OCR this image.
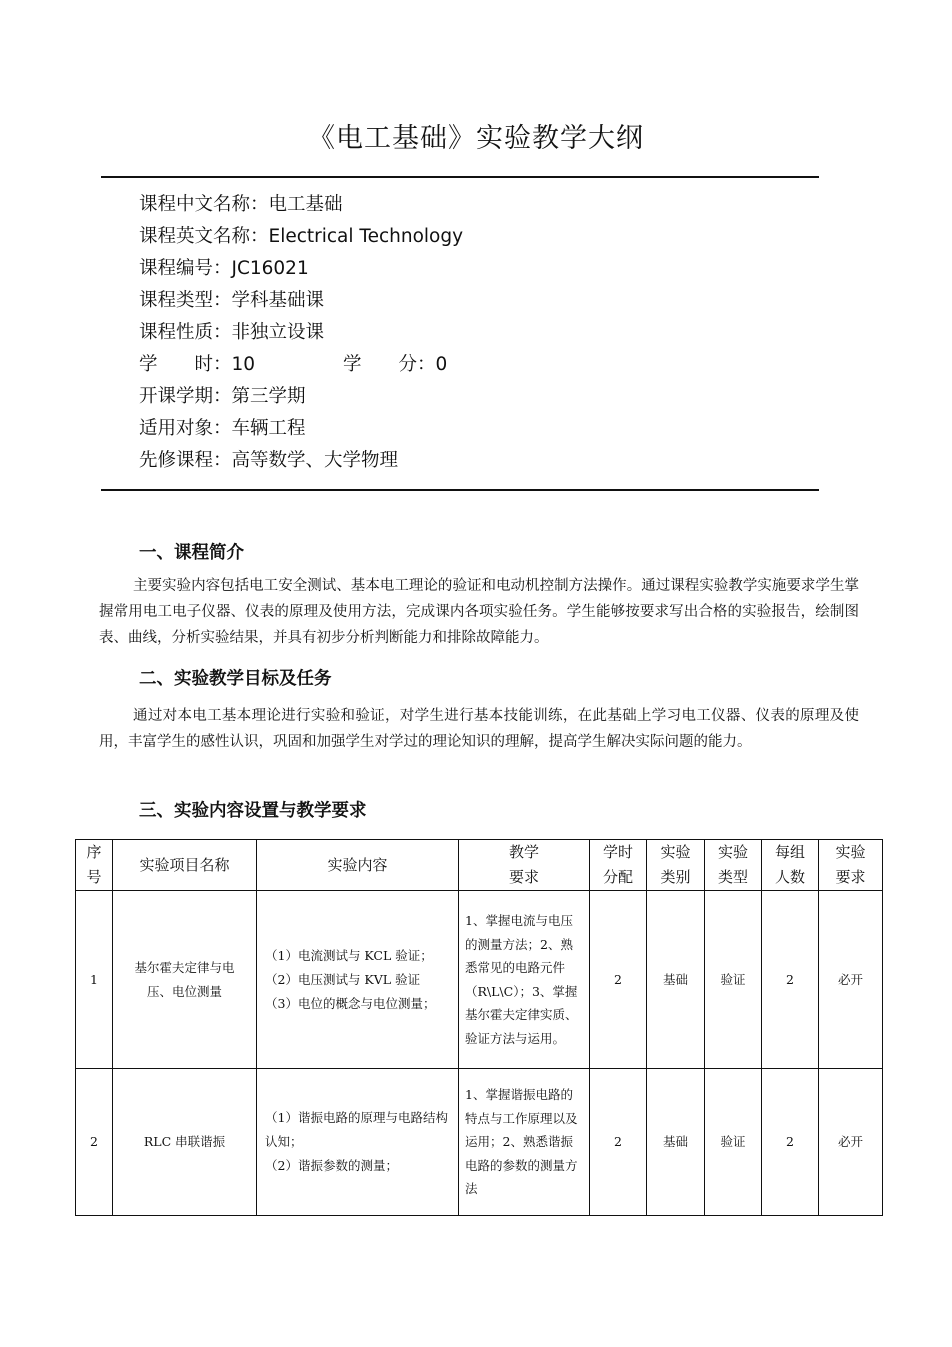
《电工基础》实验教学大纲
课程中文名称：电工基础
课程英文名称：Electrical Technology
课程编号：JC16021
课程类型：学科基础课
课程性质：非独立设课
学　　时：10	学　　分：0
开课学期：第三学期
适用对象：车辆工程
先修课程：高等数学、大学物理
一、课程简介
主要实验内容包括电工安全测试、基本电工理论的验证和电动机控制方法操作。通过课程实验教学实施要求学生掌握常用电工电子仪器、仪表的原理及使用方法，完成课内各项实验任务。学生能够按要求写出合格的实验报告，绘制图表、曲线，分析实验结果，并具有初步分析判断能力和排除故障能力。
二、实验教学目标及任务
通过对本电工基本理论进行实验和验证，对学生进行基本技能训练，在此基础上学习电工仪器、仪表的原理及使用，丰富学生的感性认识，巩固和加强学生对学过的理论知识的理解，提高学生解决实际问题的能力。
三、实验内容设置与教学要求
序
号	实验项目名称	实验内容	教学
要求	学时
分配	实验
类别	实验
类型	每组
人数	实验
要求
1	基尔霍夫定律与电
压、电位测量	（1）电流测试与 KCL 验证；
（2）电压测试与 KVL 验证
（3）电位的概念与电位测量；	1、掌握电流与电压的测量方法；2、熟悉常见的电路元件（R\L\C）；3、掌握基尔霍夫定律实质、验证方法与运用。	2	基础	验证	2	必开
2	RLC 串联谐振	（1）谐振电路的原理与电路结构认知；
（2）谐振参数的测量；	1、掌握谐振电路的特点与工作原理以及运用；2、熟悉谐振电路的参数的测量方法	2	基础	验证	2	必开
